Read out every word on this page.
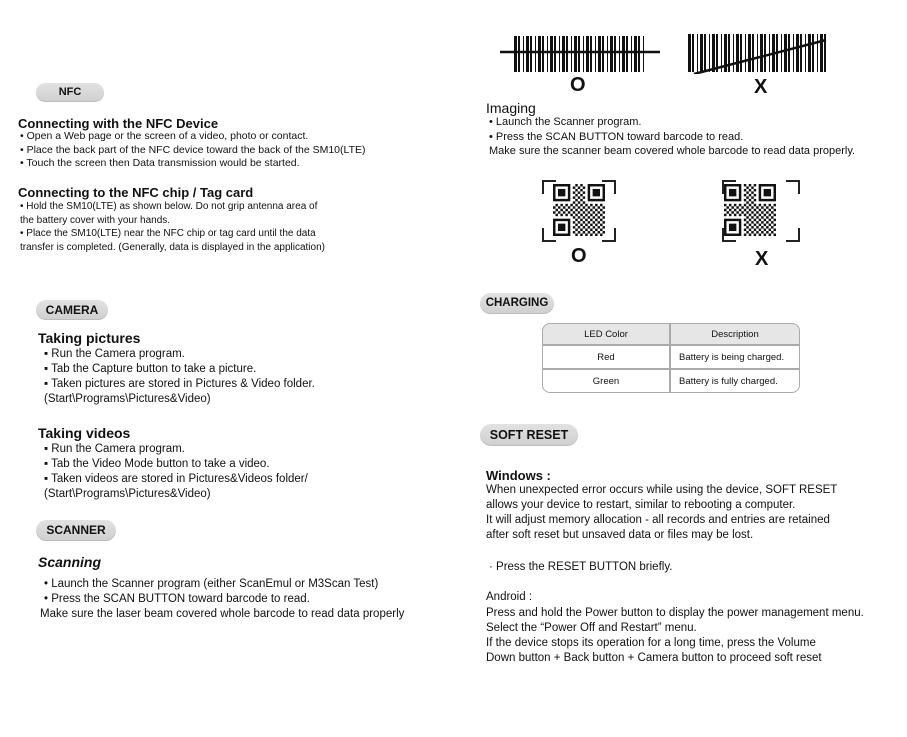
NFC
Connecting with the NFC Device
• Open a Web page or the screen of a video, photo or contact.
• Place the back part of the NFC device toward the back of the SM10(LTE)
• Touch the screen then Data transmission would be started.
Connecting to the NFC chip / Tag card
• Hold the SM10(LTE) as shown below. Do not grip antenna area of
the battery cover with your hands.
• Place the SM10(LTE) near the NFC chip or tag card until the data
transfer is completed. (Generally, data is displayed in the application)
CAMERA
Taking pictures
▪ Run the Camera program.
▪ Tab the Capture button to take a picture.
▪ Taken pictures are stored in Pictures & Video folder.
(Start\Programs\Pictures&Video)
Taking videos
▪ Run the Camera program.
▪ Tab the Video Mode button to take a video.
▪ Taken videos are stored in Pictures&Videos folder/
(Start\Programs\Pictures&Video)
SCANNER
Scanning
• Launch the Scanner program (either ScanEmul or M3Scan Test)
• Press the SCAN BUTTON toward barcode to read.
Make sure the laser beam covered whole barcode to read data properly
O	X
Imaging
• Launch the Scanner program.
• Press the SCAN BUTTON toward barcode to read.
Make sure the scanner beam covered whole barcode to read data properly.
O	X
CHARGING
LED Color	Description
Red	Battery is being charged.
Green	Battery is fully charged.
SOFT RESET
Windows :
When unexpected error occurs while using the device, SOFT RESET
allows your device to restart, similar to rebooting a computer.
It will adjust memory allocation - all records and entries are retained
after soft reset but unsaved data or files may be lost.
· Press the RESET BUTTON briefly.
Android :
Press and hold the Power button to display the power management menu.
Select the “Power Off and Restart” menu.
If the device stops its operation for a long time, press the Volume
Down button + Back button + Camera button to proceed soft reset
